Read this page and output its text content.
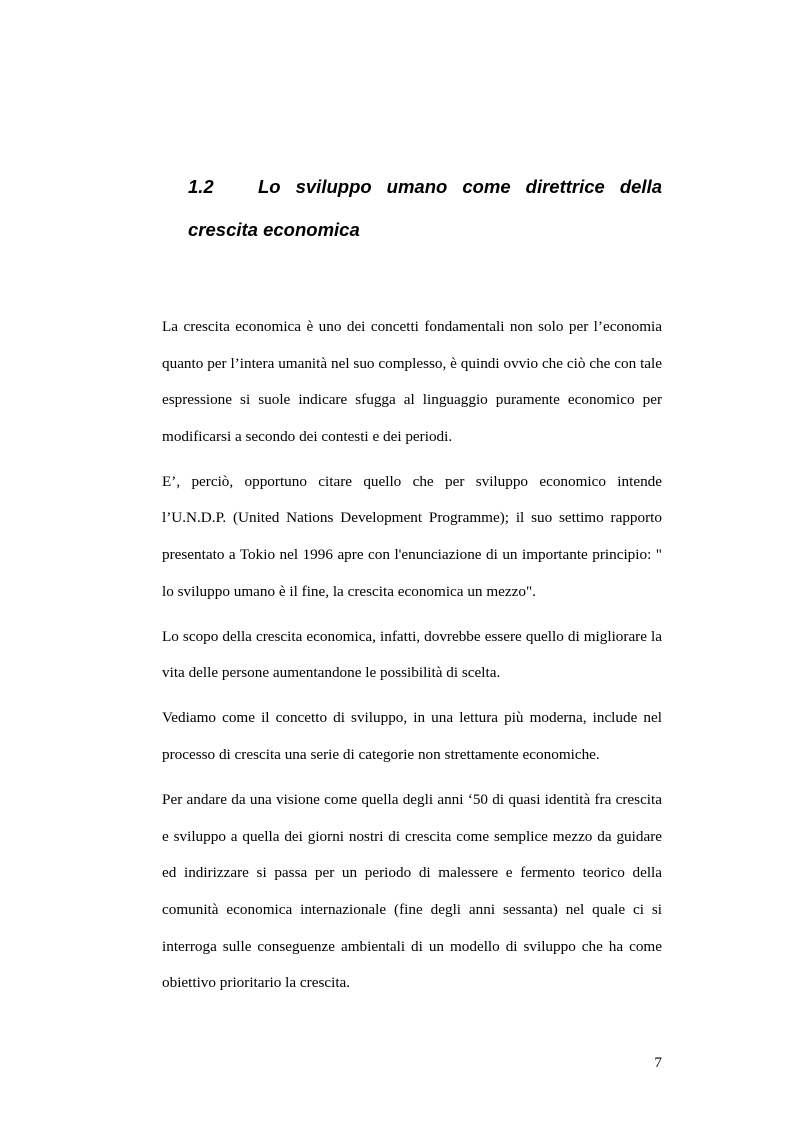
1.2	Lo sviluppo umano come direttrice della
crescita economica

La crescita economica è uno dei concetti fondamentali non solo per l’economia quanto per l’intera umanità nel suo complesso, è quindi ovvio che ciò che con tale espressione si suole indicare sfugga al linguaggio puramente economico per modificarsi a secondo dei contesti e dei periodi.

E’, perciò, opportuno citare quello che per sviluppo economico intende l’U.N.D.P. (United Nations Development Programme); il suo settimo rapporto presentato a Tokio nel 1996 apre con l'enunciazione di un importante principio: " lo sviluppo umano è il fine, la crescita economica un mezzo".

Lo scopo della crescita economica, infatti, dovrebbe essere quello di migliorare la vita delle persone aumentandone le possibilità di scelta.

Vediamo come il concetto di sviluppo, in una lettura più moderna, include nel processo di crescita una serie di categorie non strettamente economiche.

Per andare da una visione come quella degli anni ‘50 di quasi identità fra crescita e sviluppo a quella dei giorni nostri di crescita come semplice mezzo da guidare ed indirizzare si passa per un periodo di malessere e fermento teorico della comunità economica internazionale (fine degli anni sessanta) nel quale ci si interroga sulle conseguenze ambientali di un modello di sviluppo che ha come obiettivo prioritario la crescita.

7
